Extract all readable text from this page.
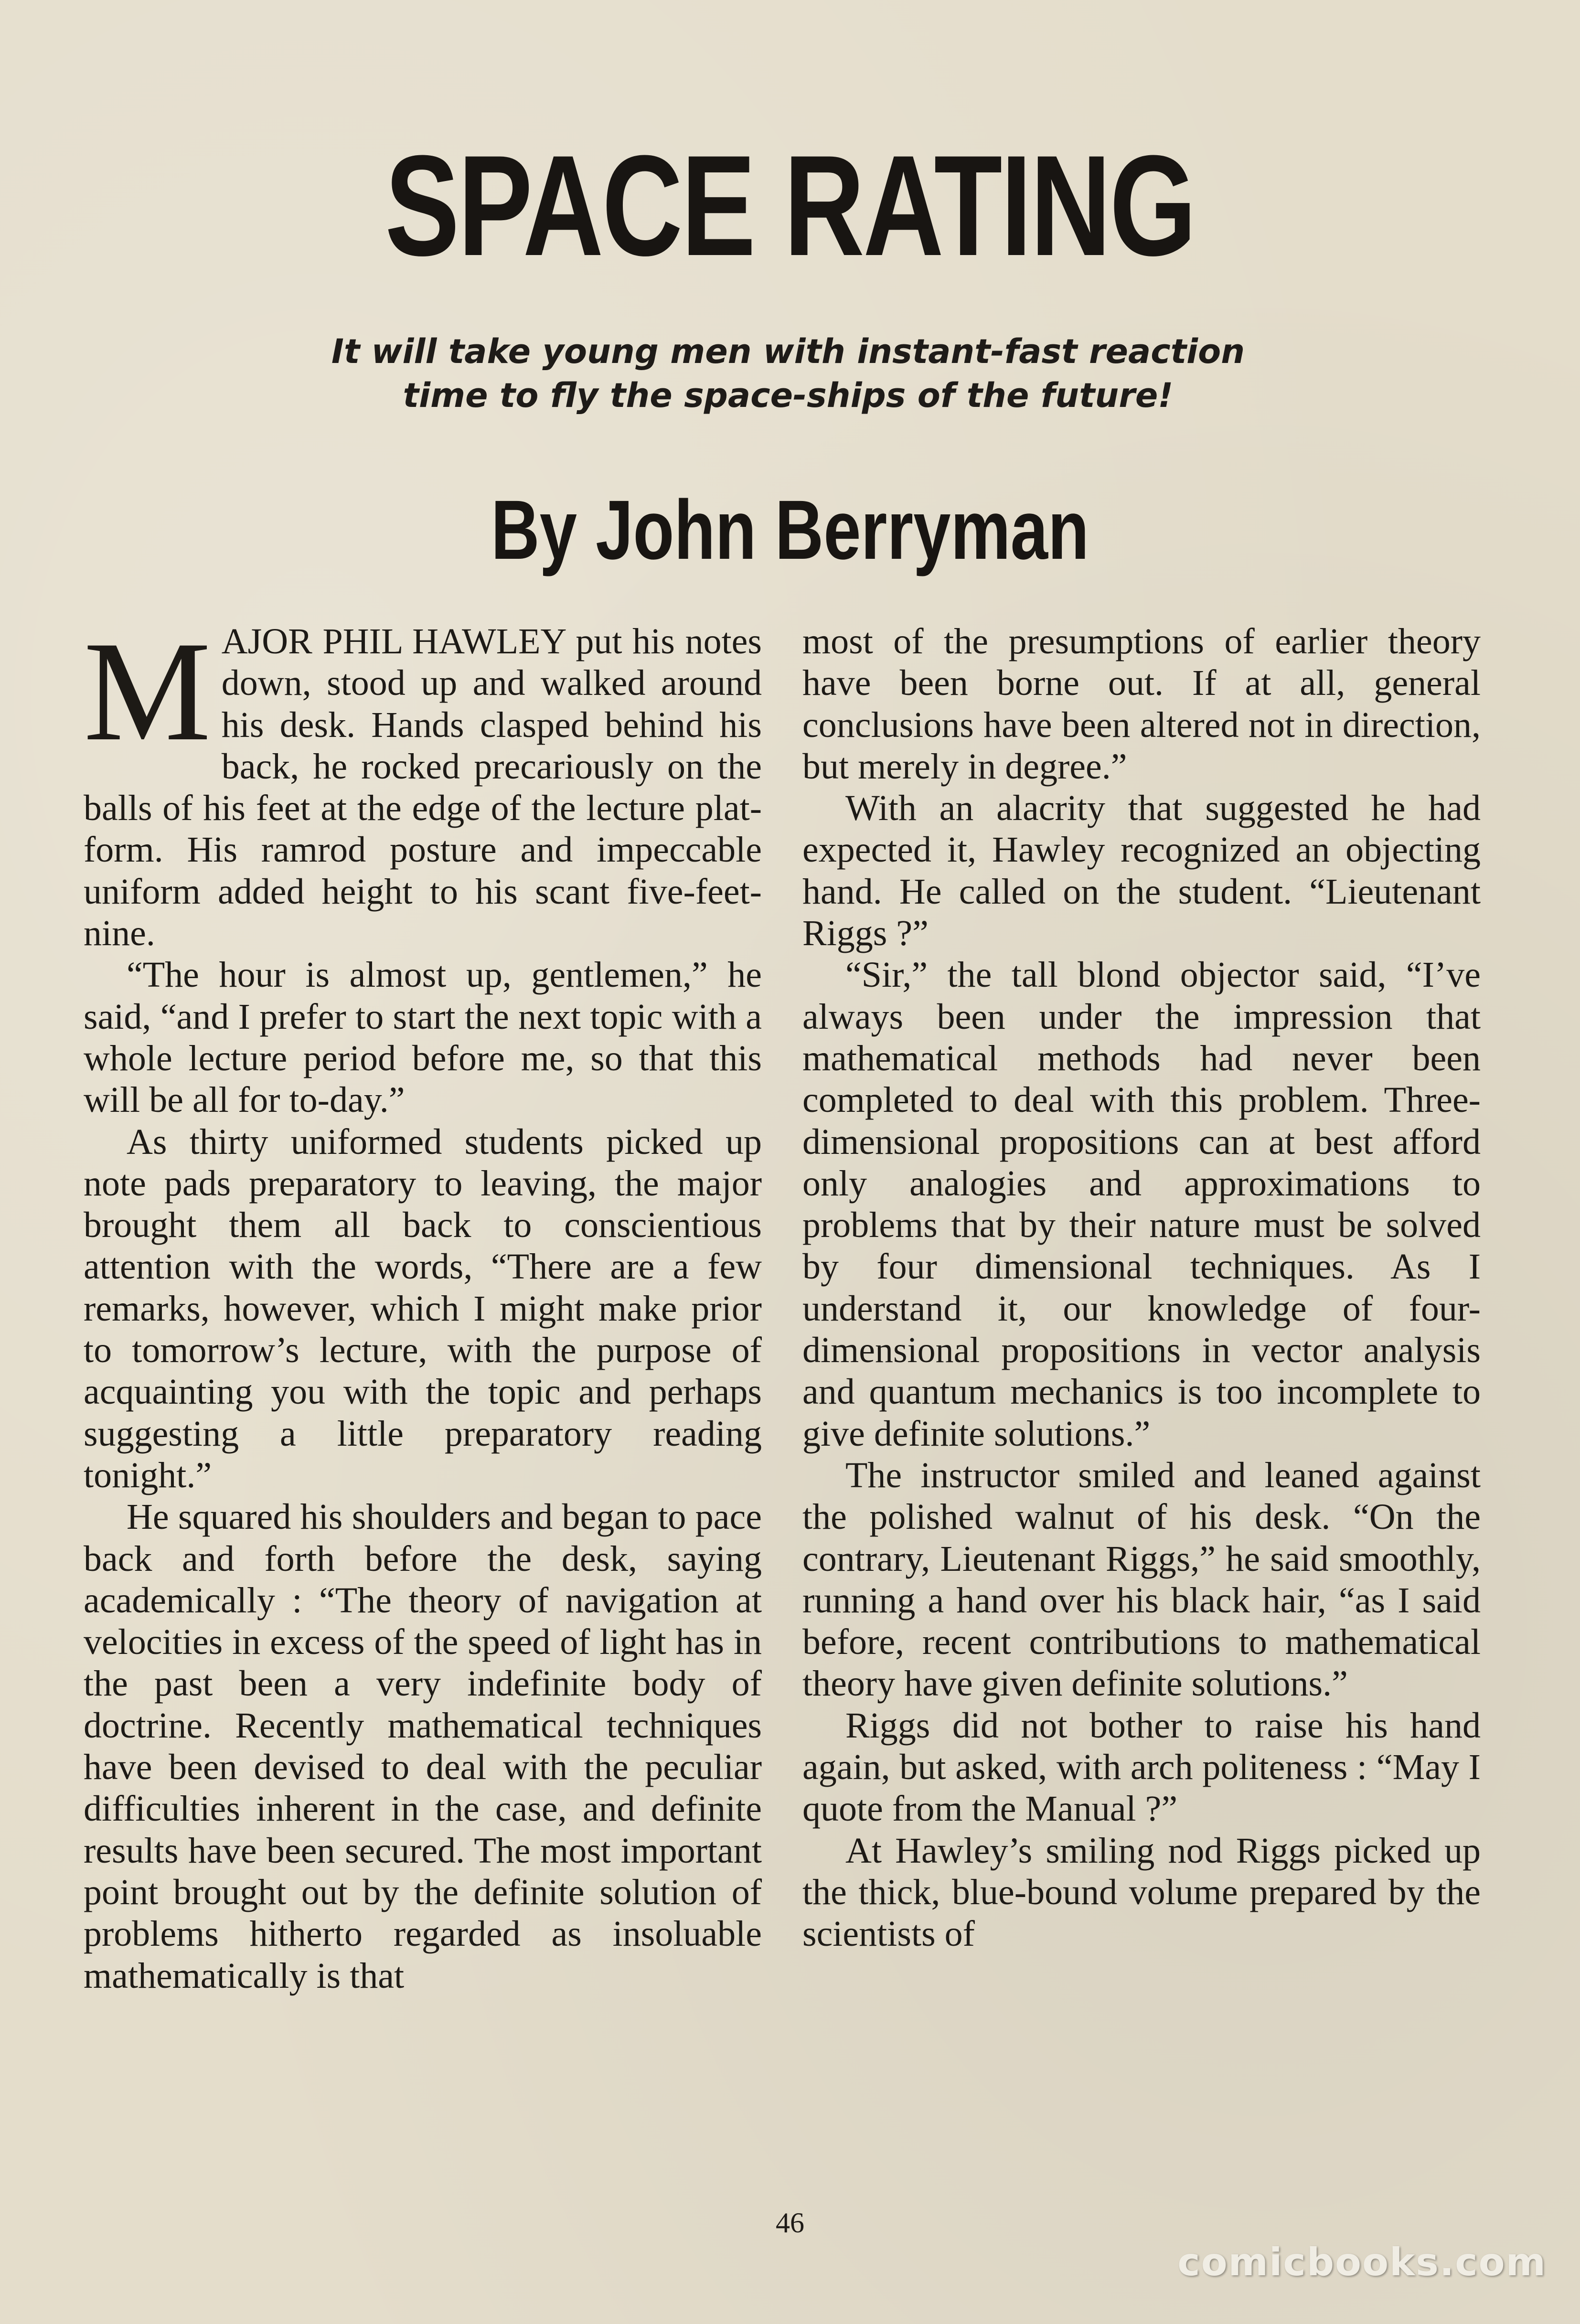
SPACE RATING

It will take young men with instant-fast reaction time to fly the space-ships of the future!

By John Berryman

MAJOR PHIL HAWLEY put his notes down, stood up and walked around his desk. Hands clasped behind his back, he rocked precariously on the balls of his feet at the edge of the lecture platform. His ramrod posture and impeccable uniform added height to his scant five-feet-nine.

“The hour is almost up, gentlemen,” he said, “and I prefer to start the next topic with a whole lecture period before me, so that this will be all for to-day.”

As thirty uniformed students picked up note pads preparatory to leaving, the major brought them all back to conscientious attention with the words, “There are a few remarks, however, which I might make prior to tomorrow’s lecture, with the purpose of acquainting you with the topic and perhaps suggesting a little preparatory reading tonight.”

He squared his shoulders and began to pace back and forth before the desk, saying academically : “The theory of navigation at velocities in excess of the speed of light has in the past been a very indefinite body of doctrine. Recently mathematical techniques have been devised to deal with the peculiar difficulties inherent in the case, and definite results have been secured. The most important point brought out by the definite solution of problems hitherto regarded as insoluable mathematically is that

most of the presumptions of earlier theory have been borne out. If at all, general conclusions have been altered not in direction, but merely in degree.”

With an alacrity that suggested he had expected it, Hawley recognized an objecting hand. He called on the student. “Lieutenant Riggs ?”

“Sir,” the tall blond objector said, “I’ve always been under the impression that mathematical methods had never been completed to deal with this problem. Three-dimensional propositions can at best afford only analogies and approximations to problems that by their nature must be solved by four dimensional techniques. As I understand it, our knowledge of four-dimensional propositions in vector analysis and quantum mechanics is too incomplete to give definite solutions.”

The instructor smiled and leaned against the polished walnut of his desk. “On the contrary, Lieutenant Riggs,” he said smoothly, running a hand over his black hair, “as I said before, recent contributions to mathematical theory have given definite solutions.”

Riggs did not bother to raise his hand again, but asked, with arch politeness : “May I quote from the Manual ?”

At Hawley’s smiling nod Riggs picked up the thick, blue-bound volume prepared by the scientists of

46

comicbooks.com
